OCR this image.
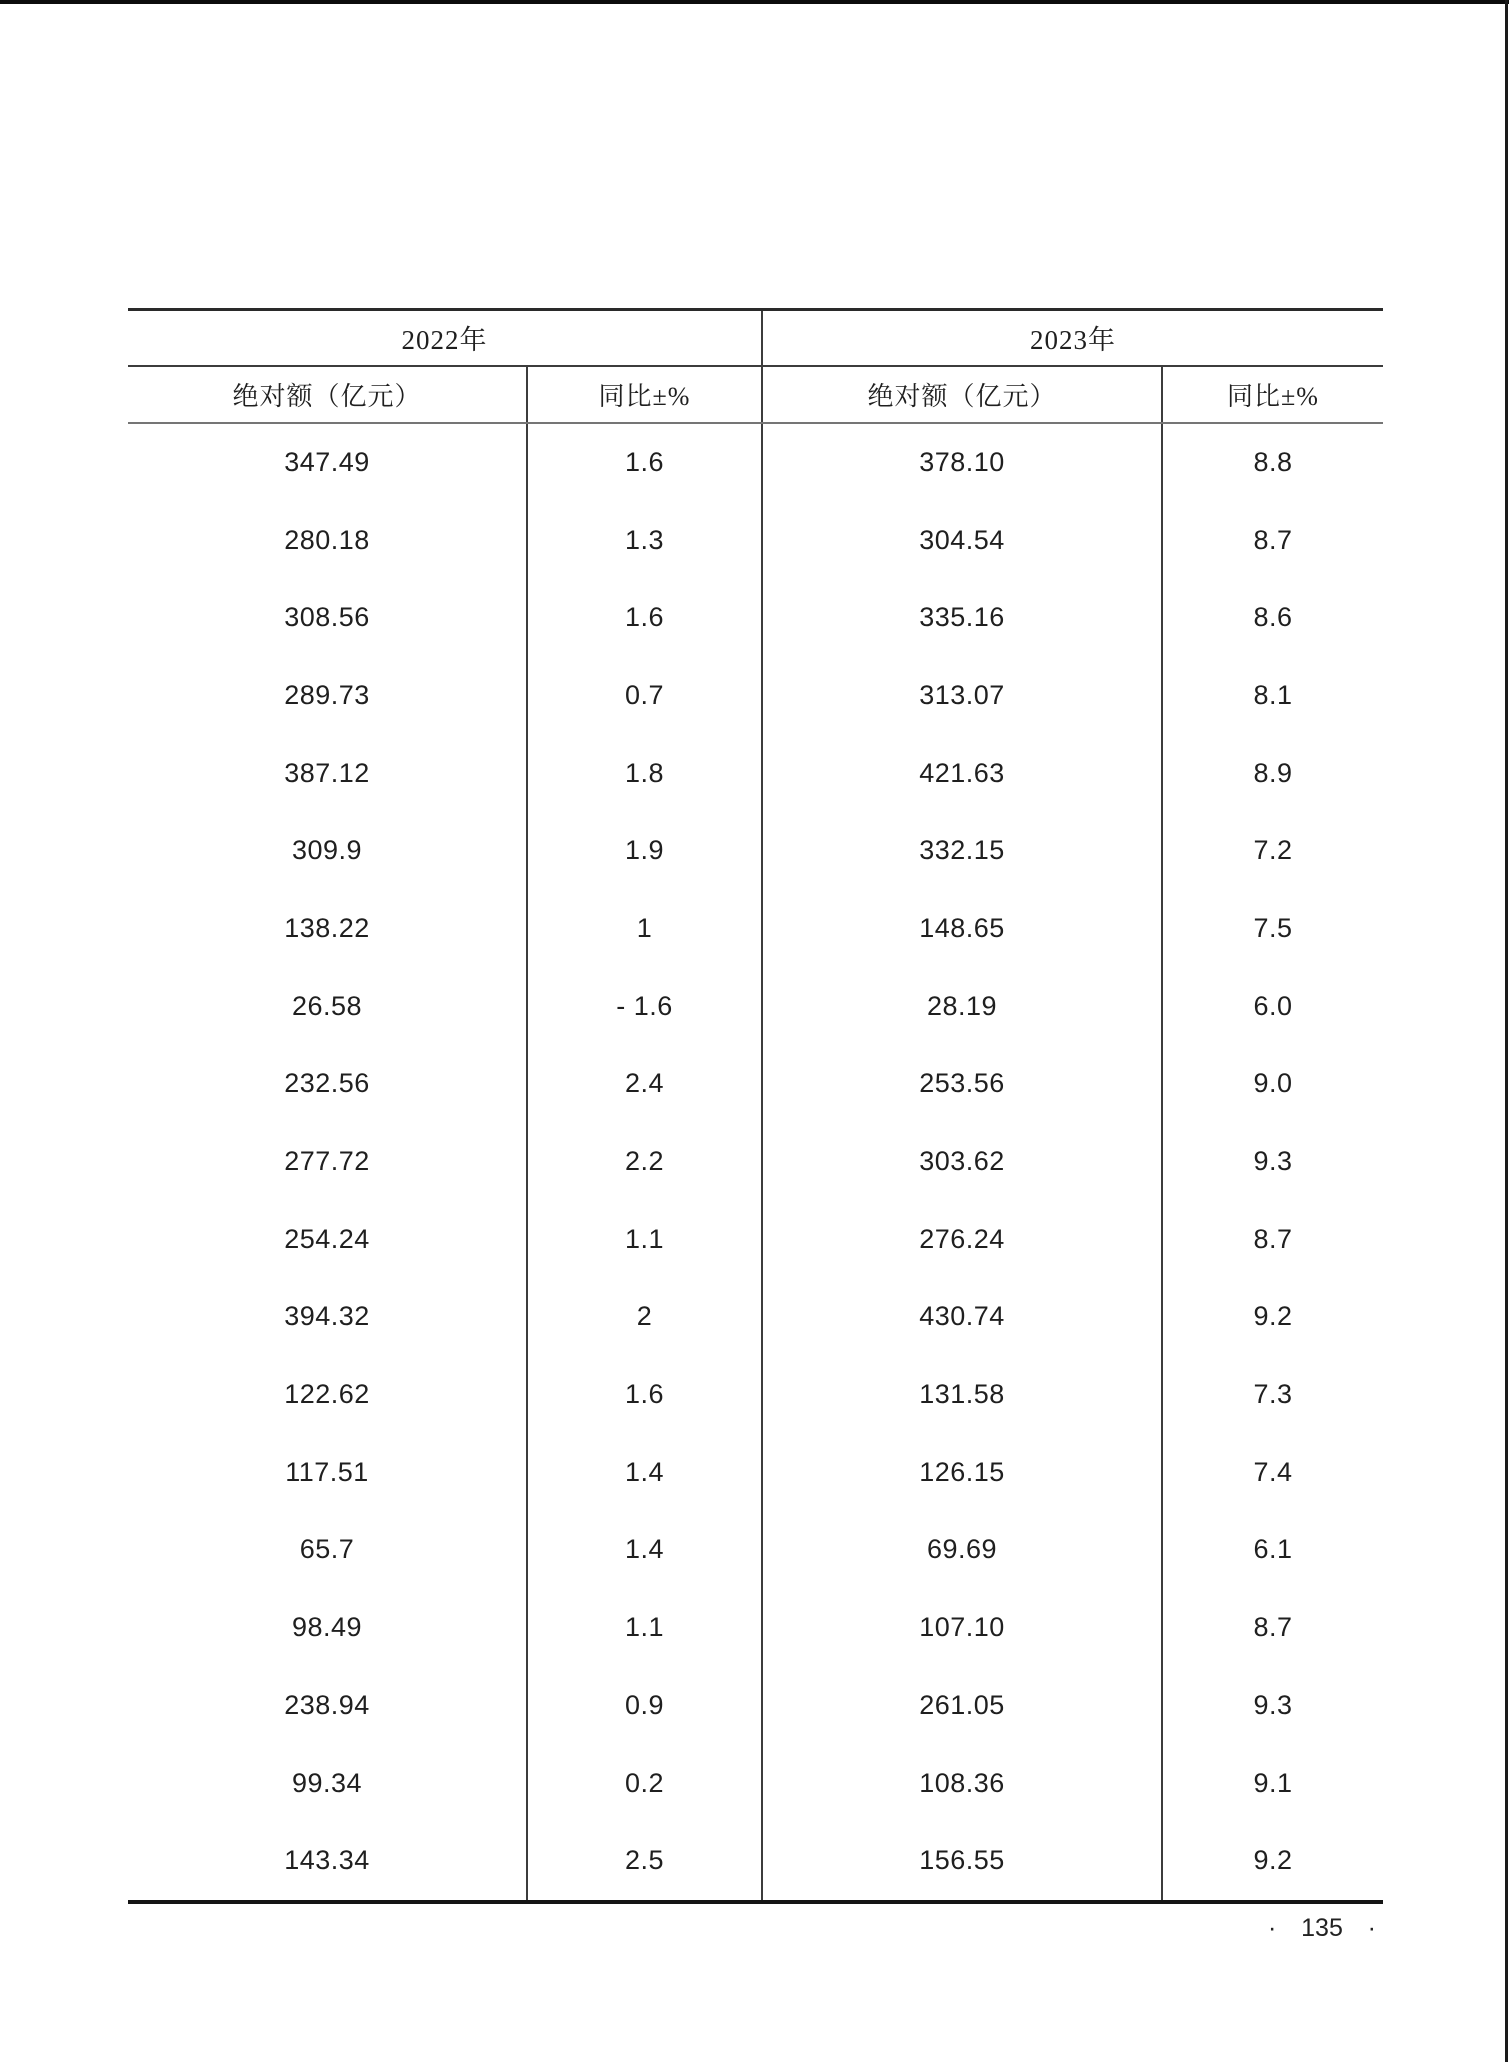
2022年		2023年	
绝对额（亿元）	同比±%	绝对额（亿元）	同比±%
347.49	1.6	378.10	8.8
280.18	1.3	304.54	8.7
308.56	1.6	335.16	8.6
289.73	0.7	313.07	8.1
387.12	1.8	421.63	8.9
309.9	1.9	332.15	7.2
138.22	1	148.65	7.5
26.58	- 1.6	28.19	6.0
232.56	2.4	253.56	9.0
277.72	2.2	303.62	9.3
254.24	1.1	276.24	8.7
394.32	2	430.74	9.2
122.62	1.6	131.58	7.3
117.51	1.4	126.15	7.4
65.7	1.4	69.69	6.1
98.49	1.1	107.10	8.7
238.94	0.9	261.05	9.3
99.34	0.2	108.36	9.1
143.34	2.5	156.55	9.2
· 135 ·
